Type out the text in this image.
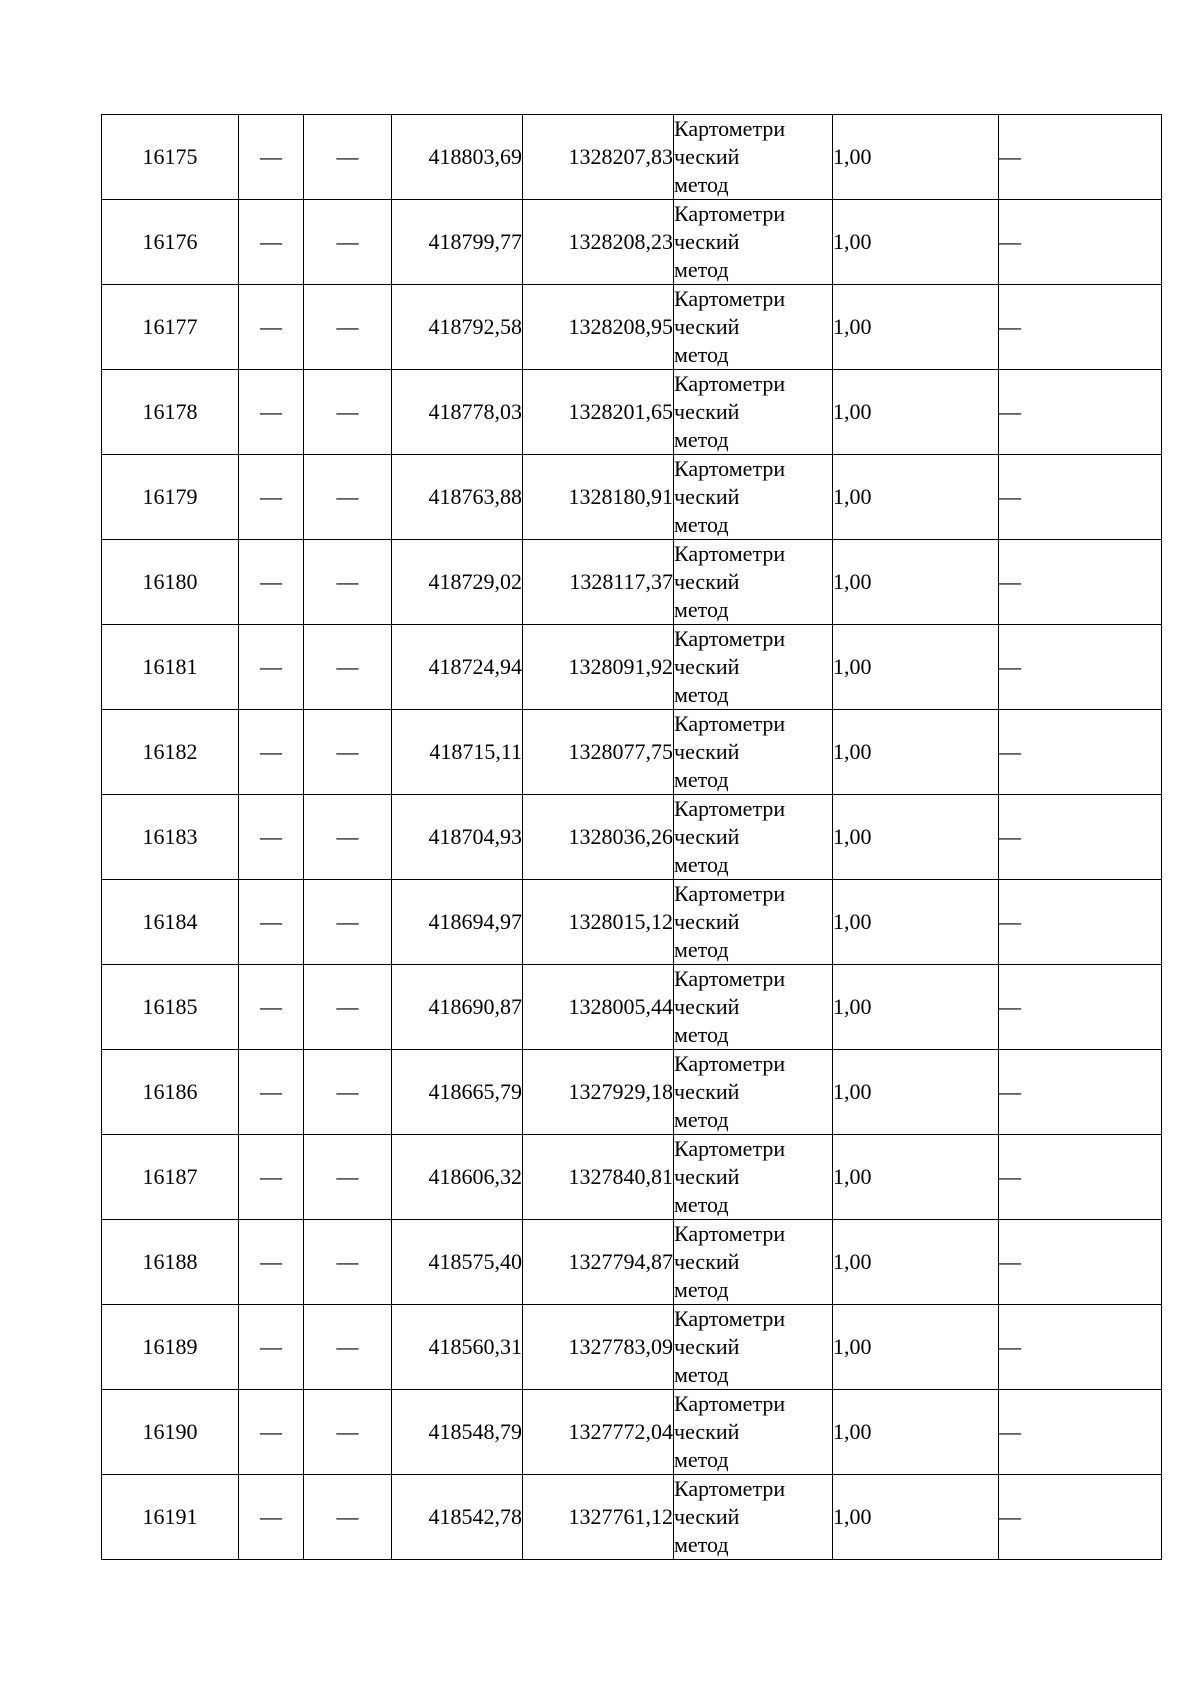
16175	—	—	418803,69	1328207,83	Картометри
ческий
метод	1,00	—
16176	—	—	418799,77	1328208,23	Картометри
ческий
метод	1,00	—
16177	—	—	418792,58	1328208,95	Картометри
ческий
метод	1,00	—
16178	—	—	418778,03	1328201,65	Картометри
ческий
метод	1,00	—
16179	—	—	418763,88	1328180,91	Картометри
ческий
метод	1,00	—
16180	—	—	418729,02	1328117,37	Картометри
ческий
метод	1,00	—
16181	—	—	418724,94	1328091,92	Картометри
ческий
метод	1,00	—
16182	—	—	418715,11	1328077,75	Картометри
ческий
метод	1,00	—
16183	—	—	418704,93	1328036,26	Картометри
ческий
метод	1,00	—
16184	—	—	418694,97	1328015,12	Картометри
ческий
метод	1,00	—
16185	—	—	418690,87	1328005,44	Картометри
ческий
метод	1,00	—
16186	—	—	418665,79	1327929,18	Картометри
ческий
метод	1,00	—
16187	—	—	418606,32	1327840,81	Картометри
ческий
метод	1,00	—
16188	—	—	418575,40	1327794,87	Картометри
ческий
метод	1,00	—
16189	—	—	418560,31	1327783,09	Картометри
ческий
метод	1,00	—
16190	—	—	418548,79	1327772,04	Картометри
ческий
метод	1,00	—
16191	—	—	418542,78	1327761,12	Картометри
ческий
метод	1,00	—
